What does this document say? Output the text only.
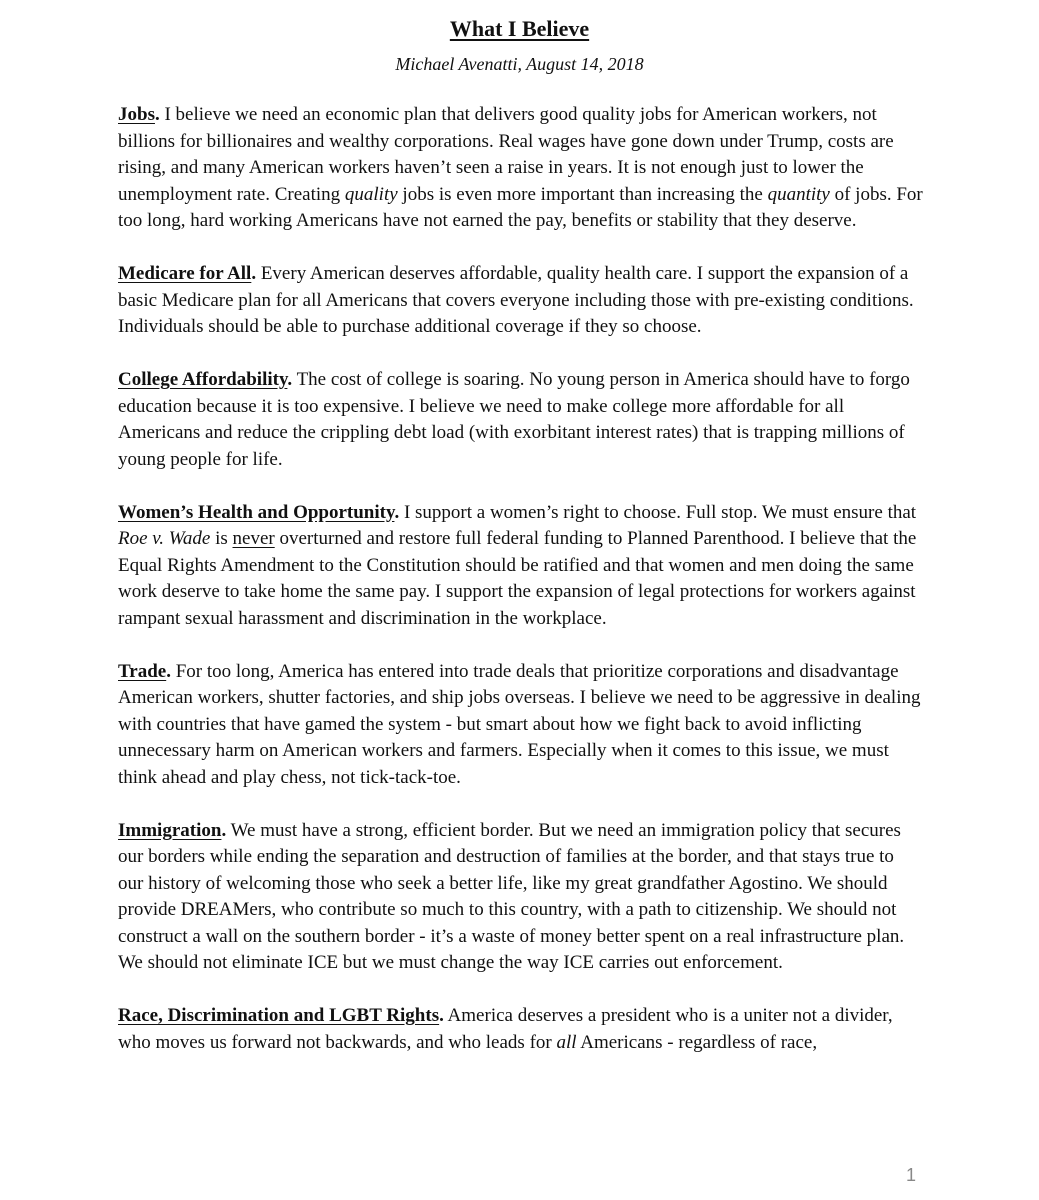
What I Believe
Michael Avenatti, August 14, 2018

Jobs. I believe we need an economic plan that delivers good quality jobs for American workers, not billions for billionaires and wealthy corporations. Real wages have gone down under Trump, costs are rising, and many American workers haven’t seen a raise in years. It is not enough just to lower the unemployment rate. Creating quality jobs is even more important than increasing the quantity of jobs. For too long, hard working Americans have not earned the pay, benefits or stability that they deserve.

Medicare for All. Every American deserves affordable, quality health care. I support the expansion of a basic Medicare plan for all Americans that covers everyone including those with pre-existing conditions. Individuals should be able to purchase additional coverage if they so choose.

College Affordability. The cost of college is soaring. No young person in America should have to forgo education because it is too expensive. I believe we need to make college more affordable for all Americans and reduce the crippling debt load (with exorbitant interest rates) that is trapping millions of young people for life.

Women’s Health and Opportunity. I support a women’s right to choose. Full stop. We must ensure that Roe v. Wade is never overturned and restore full federal funding to Planned Parenthood. I believe that the Equal Rights Amendment to the Constitution should be ratified and that women and men doing the same work deserve to take home the same pay. I support the expansion of legal protections for workers against rampant sexual harassment and discrimination in the workplace.

Trade. For too long, America has entered into trade deals that prioritize corporations and disadvantage American workers, shutter factories, and ship jobs overseas. I believe we need to be aggressive in dealing with countries that have gamed the system - but smart about how we fight back to avoid inflicting unnecessary harm on American workers and farmers. Especially when it comes to this issue, we must think ahead and play chess, not tick-tack-toe.

Immigration. We must have a strong, efficient border. But we need an immigration policy that secures our borders while ending the separation and destruction of families at the border, and that stays true to our history of welcoming those who seek a better life, like my great grandfather Agostino. We should provide DREAMers, who contribute so much to this country, with a path to citizenship. We should not construct a wall on the southern border - it’s a waste of money better spent on a real infrastructure plan. We should not eliminate ICE but we must change the way ICE carries out enforcement.

Race, Discrimination and LGBT Rights. America deserves a president who is a uniter not a divider, who moves us forward not backwards, and who leads for all Americans - regardless of race,

1
